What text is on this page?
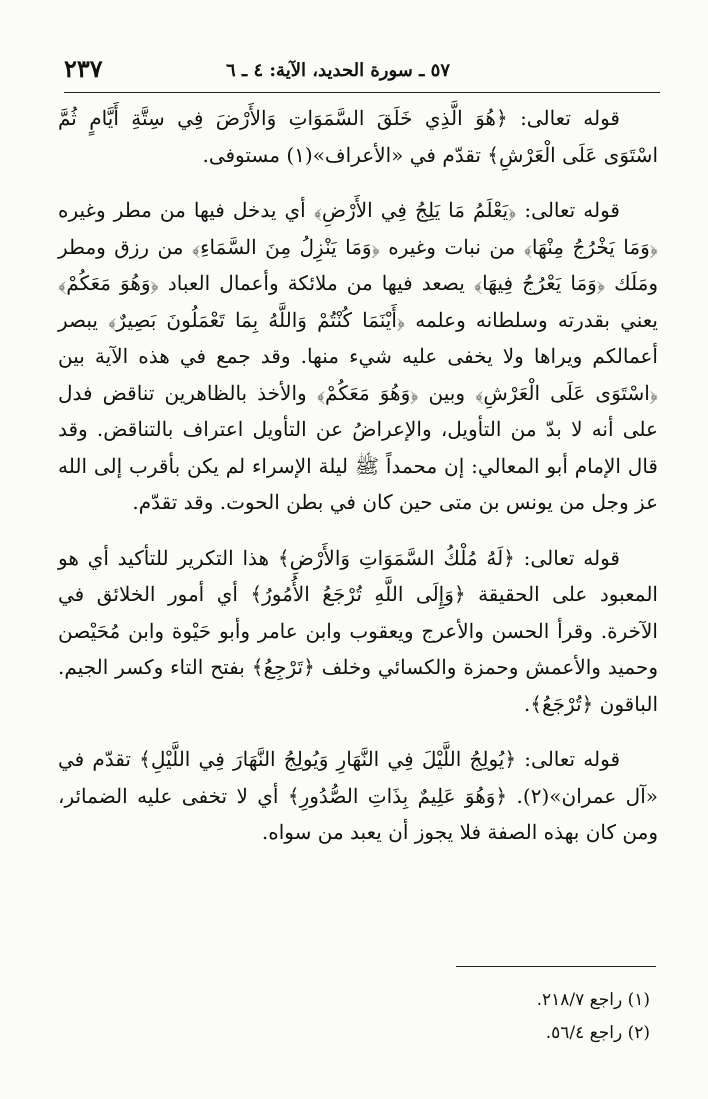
٢٣٧	٥٧ ـ سورة الحديد، الآية: ٤ ـ ٦

قوله تعالى: ﴿هُوَ الَّذِي خَلَقَ السَّمَوَاتِ وَالأَرْضَ فِي سِتَّةِ أَيَّامٍ ثُمَّ اسْتَوَى عَلَى الْعَرْشِ﴾ تقدّم في «الأعراف»(١) مستوفى.

قوله تعالى: ﴿يَعْلَمُ مَا يَلِجُ فِي الأَرْضِ﴾ أي يدخل فيها من مطر وغيره ﴿وَمَا يَخْرُجُ مِنْهَا﴾ من نبات وغيره ﴿وَمَا يَنْزِلُ مِنَ السَّمَاءِ﴾ من رزق ومطر ومَلَك ﴿وَمَا يَعْرُجُ فِيهَا﴾ يصعد فيها من ملائكة وأعمال العباد ﴿وَهُوَ مَعَكُمْ﴾ يعني بقدرته وسلطانه وعلمه ﴿أَيْنَمَا كُنْتُمْ وَاللَّهُ بِمَا تَعْمَلُونَ بَصِيرٌ﴾ يبصر أعمالكم ويراها ولا يخفى عليه شيء منها. وقد جمع في هذه الآية بين ﴿اسْتَوَى عَلَى الْعَرْشِ﴾ وبين ﴿وَهُوَ مَعَكُمْ﴾ والأخذ بالظاهرين تناقض فدل على أنه لا بدّ من التأويل، والإعراضُ عن التأويل اعتراف بالتناقض. وقد قال الإمام أبو المعالي: إن محمداً ﷺ ليلة الإسراء لم يكن بأقرب إلى الله عز وجل من يونس بن متى حين كان في بطن الحوت. وقد تقدّم.

قوله تعالى: ﴿لَهُ مُلْكُ السَّمَوَاتِ وَالأَرْضِ﴾ هذا التكرير للتأكيد أي هو المعبود على الحقيقة ﴿وَإِلَى اللَّهِ تُرْجَعُ الأُمُورُ﴾ أي أمور الخلائق في الآخرة. وقرأ الحسن والأعرج ويعقوب وابن عامر وأبو حَيْوة وابن مُحَيْصن وحميد والأعمش وحمزة والكسائي وخلف ﴿تَرْجِعُ﴾ بفتح التاء وكسر الجيم. الباقون ﴿تُرْجَعُ﴾.

قوله تعالى: ﴿يُولِجُ اللَّيْلَ فِي النَّهَارِ وَيُولِجُ النَّهَارَ فِي اللَّيْلِ﴾ تقدّم في «آل عمران»(٢). ﴿وَهُوَ عَلِيمٌ بِذَاتِ الصُّدُورِ﴾ أي لا تخفى عليه الضمائر، ومن كان بهذه الصفة فلا يجوز أن يعبد من سواه.

(١) راجع ٢١٨/٧.
(٢) راجع ٥٦/٤.
